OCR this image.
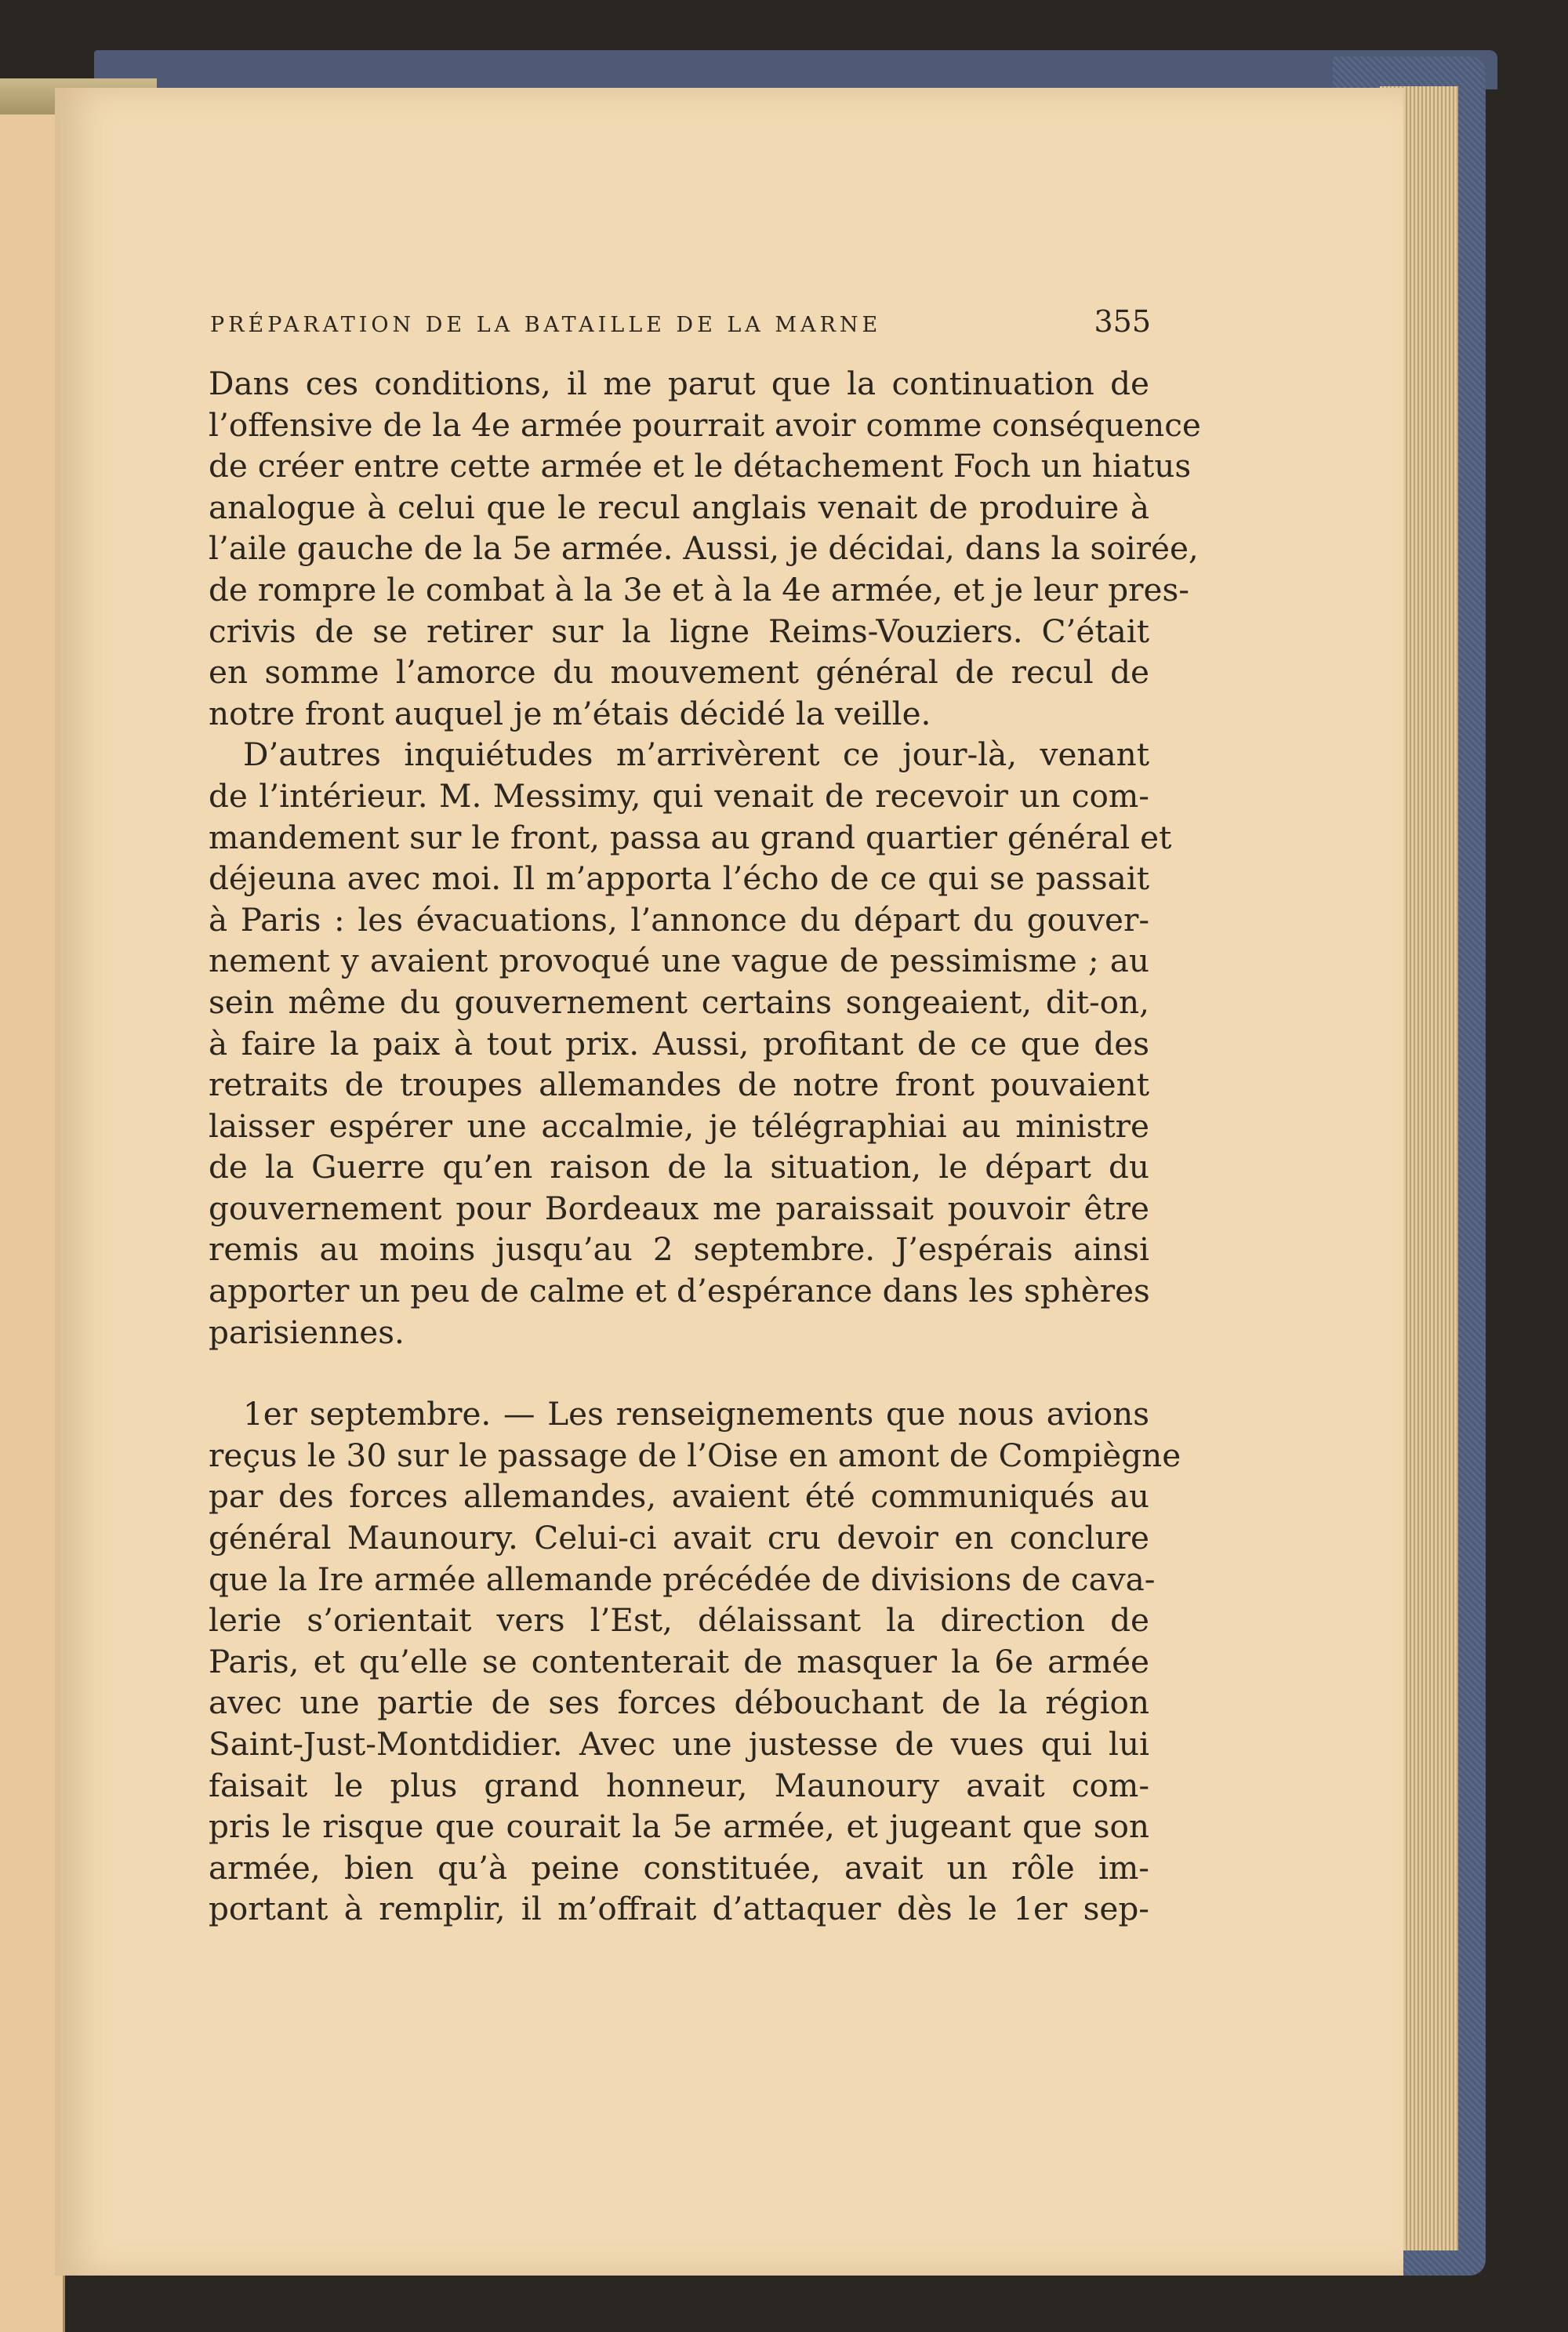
PRÉPARATION DE LA BATAILLE DE LA MARNE	355
Dans ces conditions, il me parut que la continuation de
l’offensive de la 4e armée pourrait avoir comme conséquence
de créer entre cette armée et le détachement Foch un hiatus
analogue à celui que le recul anglais venait de produire à
l’aile gauche de la 5e armée. Aussi, je décidai, dans la soirée,
de rompre le combat à la 3e et à la 4e armée, et je leur pres-
crivis de se retirer sur la ligne Reims-Vouziers. C’était
en somme l’amorce du mouvement général de recul de
notre front auquel je m’étais décidé la veille.
D’autres inquiétudes m’arrivèrent ce jour-là, venant
de l’intérieur. M. Messimy, qui venait de recevoir un com-
mandement sur le front, passa au grand quartier général et
déjeuna avec moi. Il m’apporta l’écho de ce qui se passait
à Paris : les évacuations, l’annonce du départ du gouver-
nement y avaient provoqué une vague de pessimisme ; au
sein même du gouvernement certains songeaient, dit-on,
à faire la paix à tout prix. Aussi, profitant de ce que des
retraits de troupes allemandes de notre front pouvaient
laisser espérer une accalmie, je télégraphiai au ministre
de la Guerre qu’en raison de la situation, le départ du
gouvernement pour Bordeaux me paraissait pouvoir être
remis au moins jusqu’au 2 septembre. J’espérais ainsi
apporter un peu de calme et d’espérance dans les sphères
parisiennes.
1er septembre. — Les renseignements que nous avions
reçus le 30 sur le passage de l’Oise en amont de Compiègne
par des forces allemandes, avaient été communiqués au
général Maunoury. Celui-ci avait cru devoir en conclure
que la Ire armée allemande précédée de divisions de cava-
lerie s’orientait vers l’Est, délaissant la direction de
Paris, et qu’elle se contenterait de masquer la 6e armée
avec une partie de ses forces débouchant de la région
Saint-Just-Montdidier. Avec une justesse de vues qui lui
faisait le plus grand honneur, Maunoury avait com-
pris le risque que courait la 5e armée, et jugeant que son
armée, bien qu’à peine constituée, avait un rôle im-
portant à remplir, il m’offrait d’attaquer dès le 1er sep-
